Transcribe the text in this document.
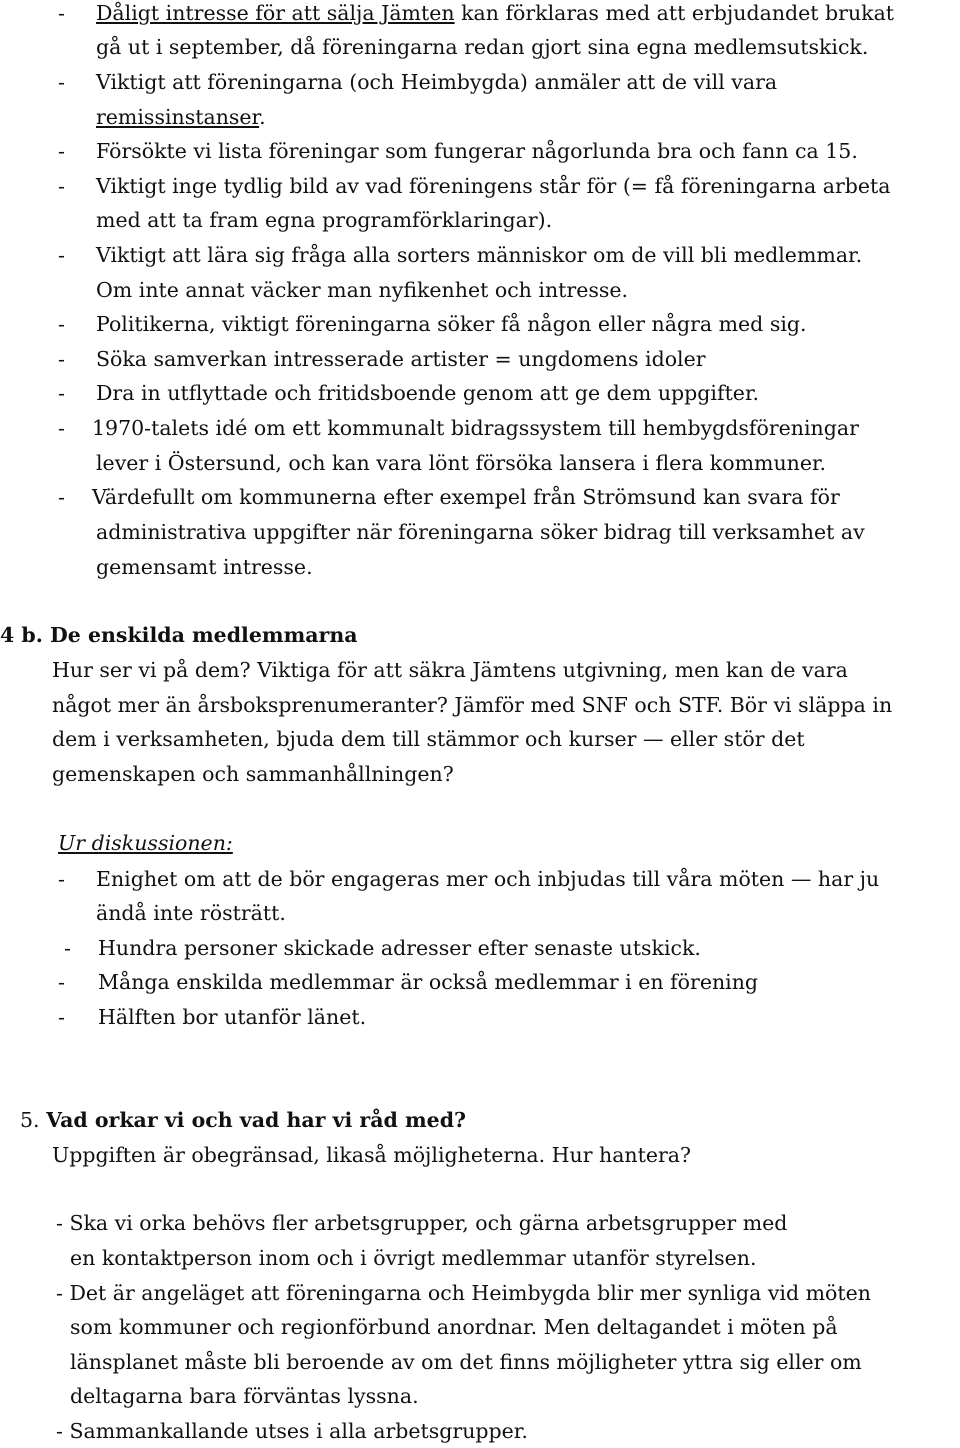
- Dåligt intresse för att sälja Jämten kan förklaras med att erbjudandet brukat
gå ut i september, då föreningarna redan gjort sina egna medlemsutskick.
- Viktigt att föreningarna (och Heimbygda) anmäler att de vill vara
remissinstanser.
- Försökte vi lista föreningar som fungerar någorlunda bra och fann ca 15.
- Viktigt inge tydlig bild av vad föreningens står för (= få föreningarna arbeta
med att ta fram egna programförklaringar).
- Viktigt att lära sig fråga alla sorters människor om de vill bli medlemmar.
Om inte annat väcker man nyfikenhet och intresse.
- Politikerna, viktigt föreningarna söker få någon eller några med sig.
- Söka samverkan intresserade artister = ungdomens idoler
- Dra in utflyttade och fritidsboende genom att ge dem uppgifter.
- 1970-talets idé om ett kommunalt bidragssystem till hembygdsföreningar
lever i Östersund, och kan vara lönt försöka lansera i flera kommuner.
- Värdefullt om kommunerna efter exempel från Strömsund kan svara för
administrativa uppgifter när föreningarna söker bidrag till verksamhet av
gemensamt intresse.
4 b. De enskilda medlemmarna
Hur ser vi på dem? Viktiga för att säkra Jämtens utgivning, men kan de vara
något mer än årsboksprenumeranter? Jämför med SNF och STF. Bör vi släppa in
dem i verksamheten, bjuda dem till stämmor och kurser — eller stör det
gemenskapen och sammanhållningen?
Ur diskussionen:
- Enighet om att de bör engageras mer och inbjudas till våra möten — har ju
ändå inte rösträtt.
- Hundra personer skickade adresser efter senaste utskick.
- Många enskilda medlemmar är också medlemmar i en förening
- Hälften bor utanför länet.
5. Vad orkar vi och vad har vi råd med?
Uppgiften är obegränsad, likaså möjligheterna. Hur hantera?
- Ska vi orka behövs fler arbetsgrupper, och gärna arbetsgrupper med
en kontaktperson inom och i övrigt medlemmar utanför styrelsen.
- Det är angeläget att föreningarna och Heimbygda blir mer synliga vid möten
som kommuner och regionförbund anordnar. Men deltagandet i möten på
länsplanet måste bli beroende av om det finns möjligheter yttra sig eller om
deltagarna bara förväntas lyssna.
- Sammankallande utses i alla arbetsgrupper.
